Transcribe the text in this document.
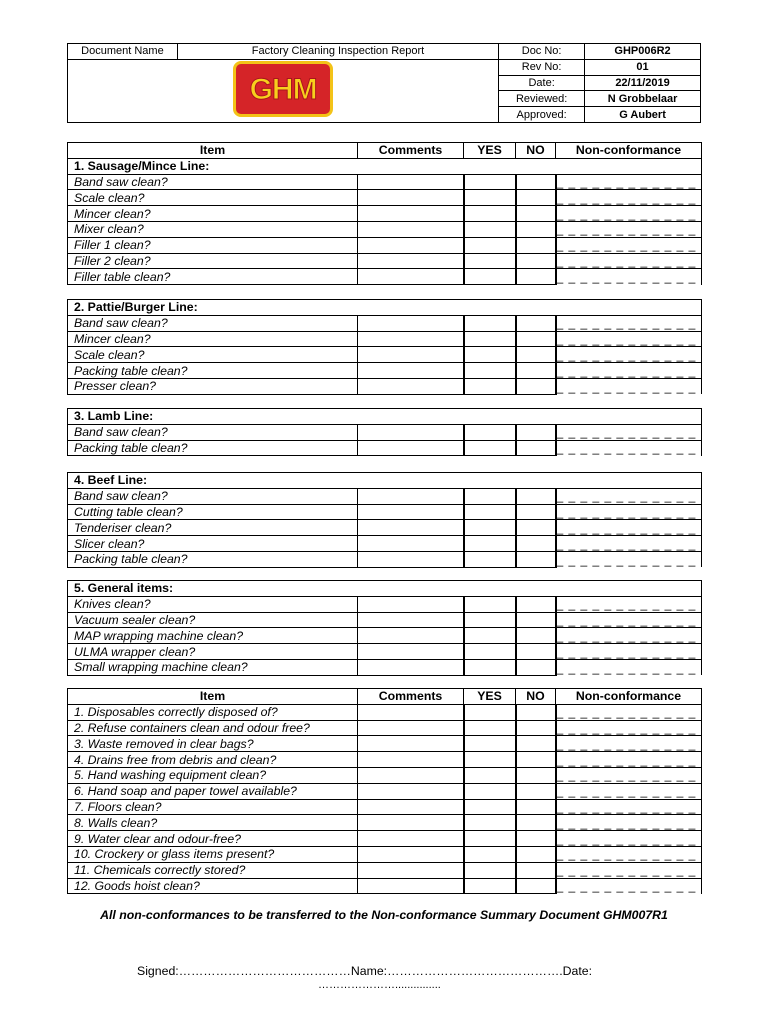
Document Name	Factory Cleaning Inspection Report	Doc No:	GHP006R2

GHM		Rev No:	01
		Date:	22/11/2019
		Reviewed:	N Grobbelaar
		Approved:	G Aubert
Item	Comments	YES	NO	Non-conformance
1. Sausage/Mince Line:				
Band saw clean?				_ _ _ _ _ _ _ _ _ _ _ _
Scale clean?				_ _ _ _ _ _ _ _ _ _ _ _
Mincer clean?				_ _ _ _ _ _ _ _ _ _ _ _
Mixer clean?				_ _ _ _ _ _ _ _ _ _ _ _
Filler 1 clean?				_ _ _ _ _ _ _ _ _ _ _ _
Filler 2 clean?				_ _ _ _ _ _ _ _ _ _ _ _
Filler table clean?				_ _ _ _ _ _ _ _ _ _ _ _
2. Pattie/Burger Line:				
Band saw clean?				_ _ _ _ _ _ _ _ _ _ _ _
Mincer clean?				_ _ _ _ _ _ _ _ _ _ _ _
Scale clean?				_ _ _ _ _ _ _ _ _ _ _ _
Packing table clean?				_ _ _ _ _ _ _ _ _ _ _ _
Presser clean?				_ _ _ _ _ _ _ _ _ _ _ _
3. Lamb Line:				
Band saw clean?				_ _ _ _ _ _ _ _ _ _ _ _
Packing table clean?				_ _ _ _ _ _ _ _ _ _ _ _
4. Beef Line:				
Band saw clean?				_ _ _ _ _ _ _ _ _ _ _ _
Cutting table clean?				_ _ _ _ _ _ _ _ _ _ _ _
Tenderiser clean?				_ _ _ _ _ _ _ _ _ _ _ _
Slicer clean?				_ _ _ _ _ _ _ _ _ _ _ _
Packing table clean?				_ _ _ _ _ _ _ _ _ _ _ _
5. General items:				
Knives clean?				_ _ _ _ _ _ _ _ _ _ _ _
Vacuum sealer clean?				_ _ _ _ _ _ _ _ _ _ _ _
MAP wrapping machine clean?				_ _ _ _ _ _ _ _ _ _ _ _
ULMA wrapper clean?				_ _ _ _ _ _ _ _ _ _ _ _
Small wrapping machine clean?				_ _ _ _ _ _ _ _ _ _ _ _
Item	Comments	YES	NO	Non-conformance
1. Disposables correctly disposed of?				_ _ _ _ _ _ _ _ _ _ _ _
2. Refuse containers clean and odour free?				_ _ _ _ _ _ _ _ _ _ _ _
3. Waste removed in clear bags?				_ _ _ _ _ _ _ _ _ _ _ _
4. Drains free from debris and clean?				_ _ _ _ _ _ _ _ _ _ _ _
5. Hand washing equipment clean?				_ _ _ _ _ _ _ _ _ _ _ _
6. Hand soap and paper towel available?				_ _ _ _ _ _ _ _ _ _ _ _
7. Floors clean?				_ _ _ _ _ _ _ _ _ _ _ _
8. Walls clean?				_ _ _ _ _ _ _ _ _ _ _ _
9. Water clear and odour-free?				_ _ _ _ _ _ _ _ _ _ _ _
10. Crockery or glass items present?				_ _ _ _ _ _ _ _ _ _ _ _
11. Chemicals correctly stored?				_ _ _ _ _ _ _ _ _ _ _ _
12. Goods hoist clean?				_ _ _ _ _ _ _ _ _ _ _ _
All non-conformances to be transferred to the Non-conformance Summary Document GHM007R1
Signed:……………………………………Name:…………………………………….Date:
…………………...............
